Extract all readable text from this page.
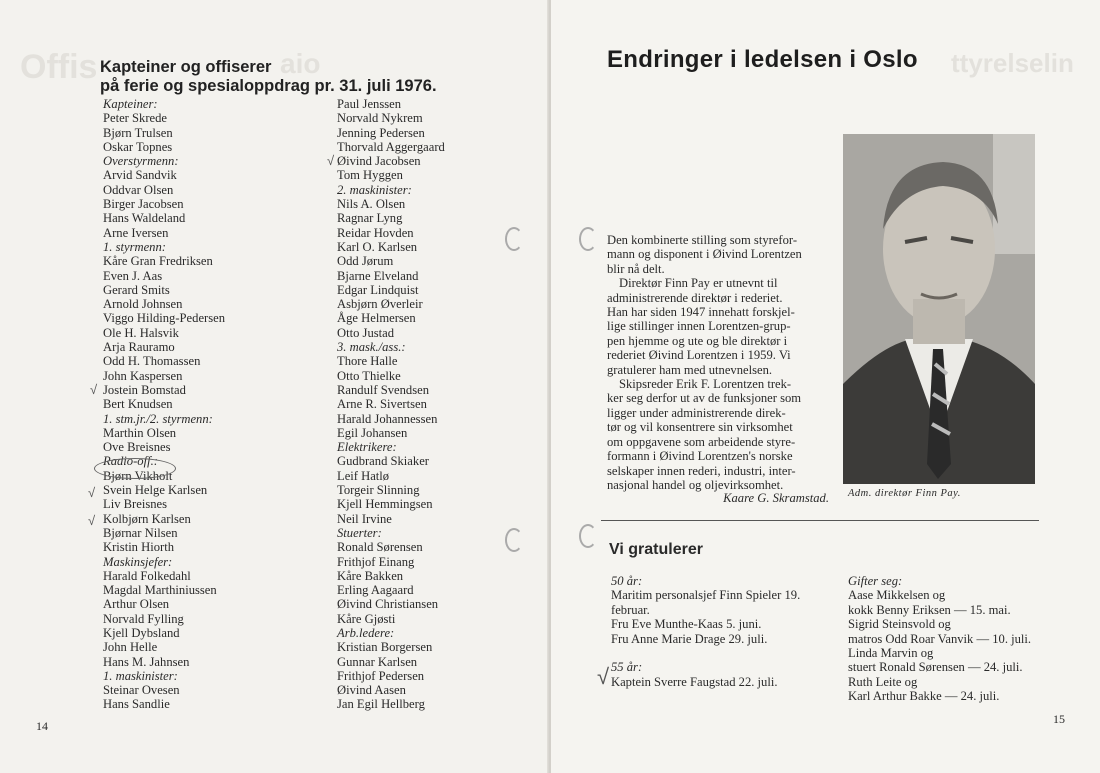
Offis	aio
Kapteiner og offiserer
på ferie og spesialoppdrag pr. 31. juli 1976.
Kapteiner:
Peter Skrede
Bjørn Trulsen
Oskar Topnes
Overstyrmenn:
Arvid Sandvik
Oddvar Olsen
Birger Jacobsen
Hans Waldeland
Arne Iversen
1. styrmenn:
Kåre Gran Fredriksen
Even J. Aas
Gerard Smits
Arnold Johnsen
Viggo Hilding-Pedersen
Ole H. Halsvik
Arja Rauramo
Odd H. Thomassen
John Kaspersen
Jostein Bomstad
Bert Knudsen
1. stm.jr./2. styrmenn:
Marthin Olsen
Ove Breisnes
Radio-off.:
Bjørn Vikholt
Svein Helge Karlsen
Liv Breisnes
Kolbjørn Karlsen
Bjørnar Nilsen
Kristin Hiorth
Maskinsjefer:
Harald Folkedahl
Magdal Marthiniussen
Arthur Olsen
Norvald Fylling
Kjell Dybsland
John Helle
Hans M. Jahnsen
1. maskinister:
Steinar Ovesen
Hans Sandlie
Paul Jenssen
Norvald Nykrem
Jenning Pedersen
Thorvald Aggergaard
Øivind Jacobsen
Tom Hyggen
2. maskinister:
Nils A. Olsen
Ragnar Lyng
Reidar Hovden
Karl O. Karlsen
Odd Jørum
Bjarne Elveland
Edgar Lindquist
Asbjørn Øverleir
Åge Helmersen
Otto Justad
3. mask./ass.:
Thore Halle
Otto Thielke
Randulf Svendsen
Arne R. Sivertsen
Harald Johannessen
Egil Johansen
Elektrikere:
Gudbrand Skiaker
Leif Hatlø
Torgeir Slinning
Kjell Hemmingsen
Neil Irvine
Stuerter:
Ronald Sørensen
Frithjof Einang
Kåre Bakken
Erling Aagaard
Øivind Christiansen
Kåre Gjøsti
Arb.ledere:
Kristian Borgersen
Gunnar Karlsen
Frithjof Pedersen
Øivind Aasen
Jan Egil Hellberg
√
√
√
√
14
ttyrelselin
Endringer i ledelsen i Oslo
Den kombinerte stilling som styrefor-
mann og disponent i Øivind Lorentzen
blir nå delt.
Direktør Finn Pay er utnevnt til
administrerende direktør i rederiet.
Han har siden 1947 innehatt forskjel-
lige stillinger innen Lorentzen-grup-
pen hjemme og ute og ble direktør i
rederiet Øivind Lorentzen i 1959. Vi
gratulerer ham med utnevnelsen.
Skipsreder Erik F. Lorentzen trek-
ker seg derfor ut av de funksjoner som
ligger under administrerende direk-
tør og vil konsentrere sin virksomhet
om oppgavene som arbeidende styre-
formann i Øivind Lorentzen's norske
selskaper innen rederi, industri, inter-
nasjonal handel og oljevirksomhet.
Kaare G. Skramstad. Adm. direktør Finn Pay.
Vi gratulerer
50 år:
Maritim personalsjef Finn Spieler 19.
februar.
Fru Eve Munthe-Kaas 5. juni.
Fru Anne Marie Drage 29. juli.

55 år:
Kaptein Sverre Faugstad 22. juli.
Gifter seg:
Aase Mikkelsen og
kokk Benny Eriksen — 15. mai.
Sigrid Steinsvold og
matros Odd Roar Vanvik — 10. juli.
Linda Marvin og
stuert Ronald Sørensen — 24. juli.
Ruth Leite og
Karl Arthur Bakke — 24. juli.
√
15
